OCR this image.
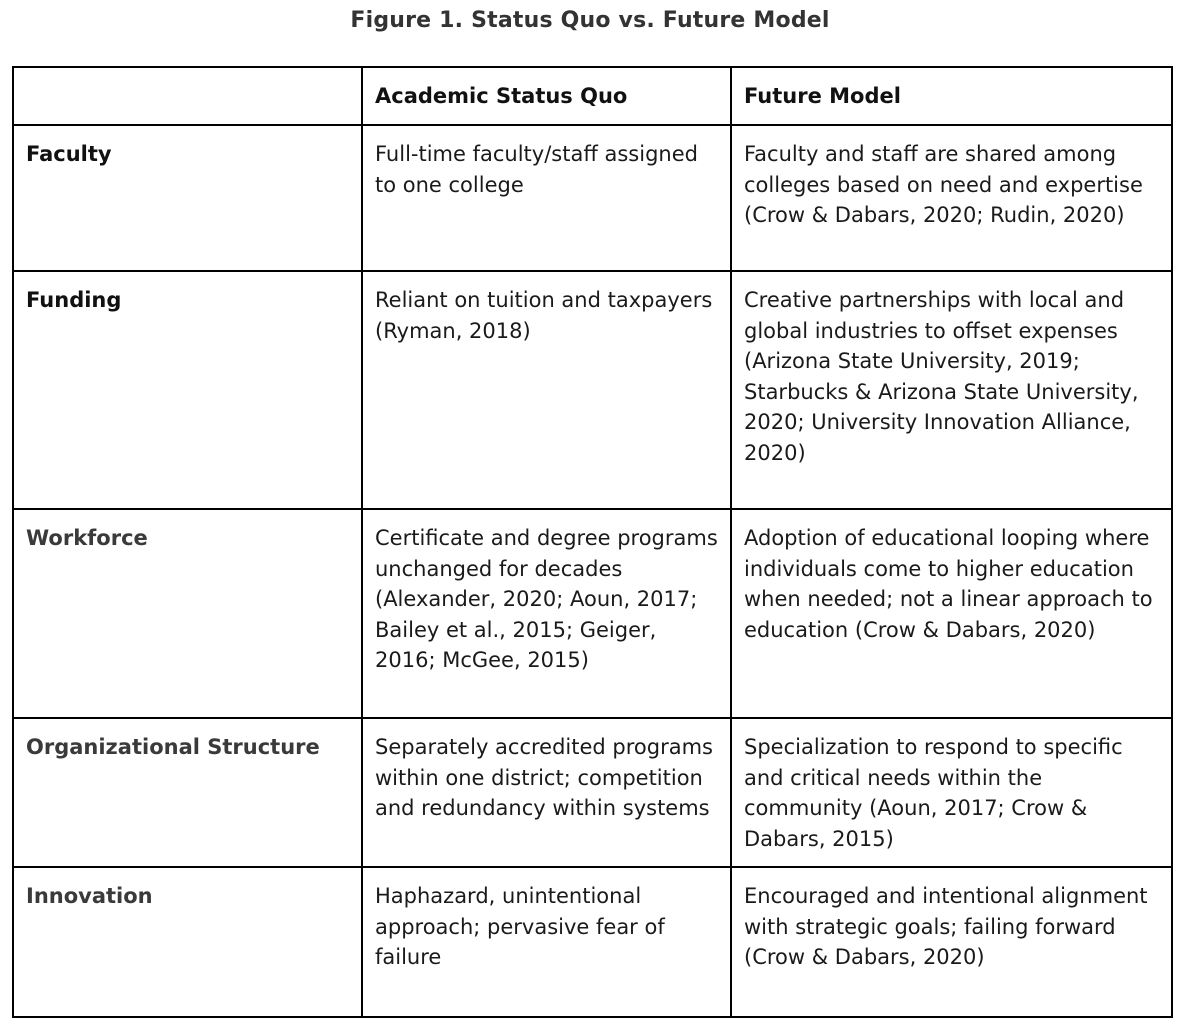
Figure 1. Status Quo vs. Future Model
	Academic Status Quo	Future Model
Faculty	Full-time faculty/staff assigned to one college	Faculty and staff are shared among colleges based on need and expertise (Crow & Dabars, 2020; Rudin, 2020)
Funding	Reliant on tuition and taxpayers (Ryman, 2018)	Creative partnerships with local and global industries to offset expenses (Arizona State University, 2019; Starbucks & Arizona State University, 2020; University Innovation Alliance, 2020)
Workforce	Certificate and degree programs unchanged for decades (Alexander, 2020; Aoun, 2017; Bailey et al., 2015; Geiger, 2016; McGee, 2015)	Adoption of educational looping where individuals come to higher education when needed; not a linear approach to education (Crow & Dabars, 2020)
Organizational Structure	Separately accredited programs within one district; competition and redundancy within systems	Specialization to respond to specific and critical needs within the community (Aoun, 2017; Crow & Dabars, 2015)
Innovation	Haphazard, unintentional approach; pervasive fear of failure	Encouraged and intentional alignment with strategic goals; failing forward (Crow & Dabars, 2020)
